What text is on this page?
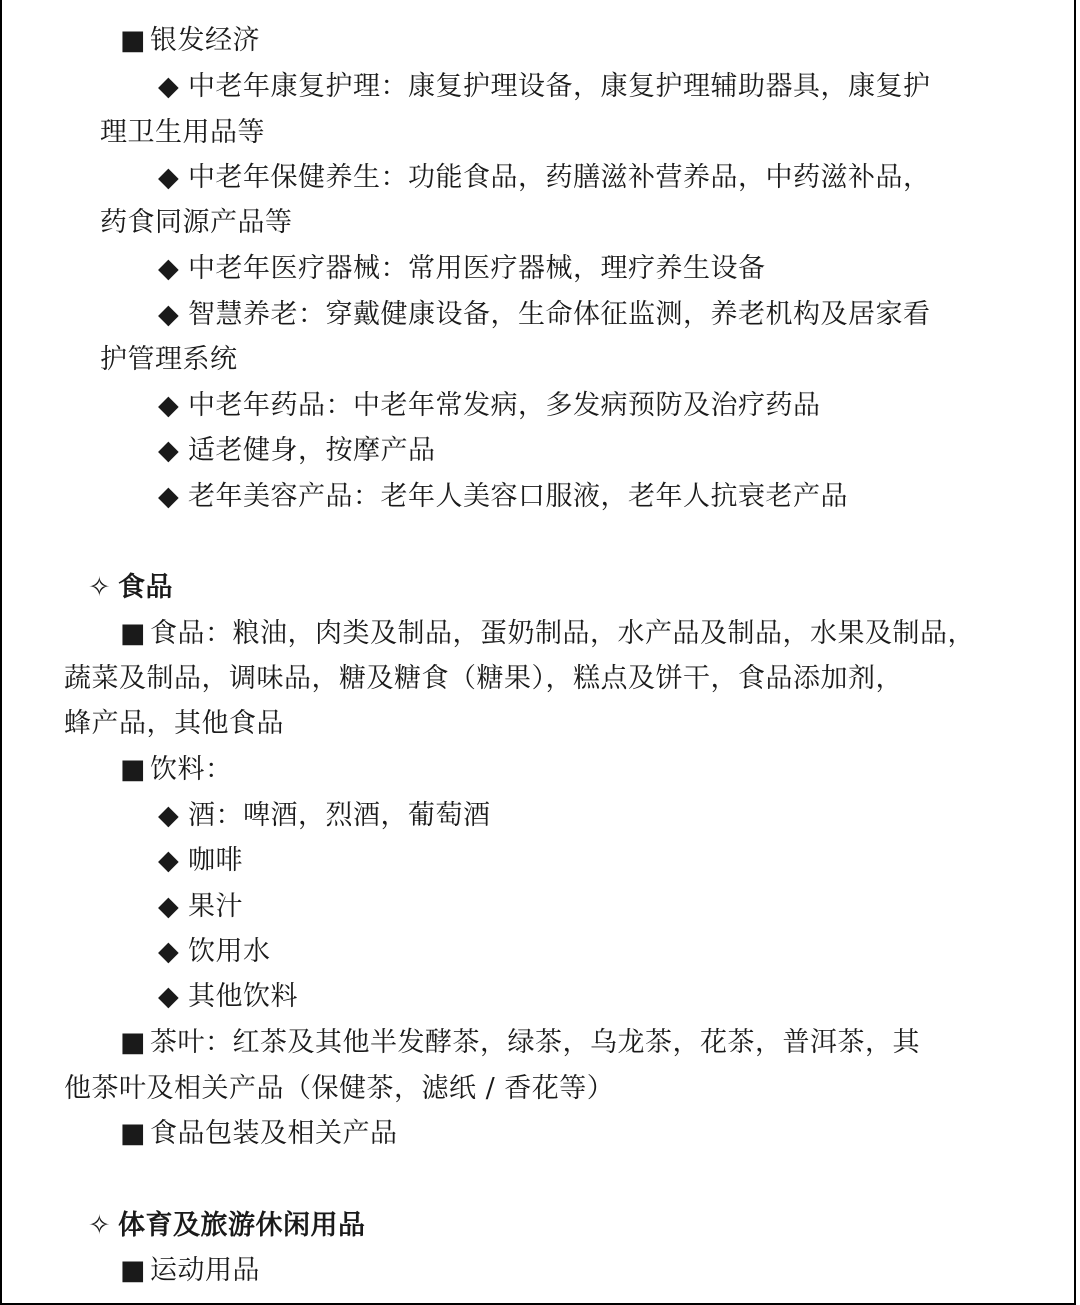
■ 银发经济
◆ 中老年康复护理：康复护理设备，康复护理辅助器具，康复护
理卫生用品等
◆ 中老年保健养生：功能食品，药膳滋补营养品，中药滋补品，
药食同源产品等
◆ 中老年医疗器械：常用医疗器械，理疗养生设备
◆ 智慧养老：穿戴健康设备，生命体征监测，养老机构及居家看
护管理系统
◆ 中老年药品：中老年常发病，多发病预防及治疗药品
◆ 适老健身，按摩产品
◆ 老年美容产品：老年人美容口服液，老年人抗衰老产品
✧ 食品
■ 食品：粮油，肉类及制品，蛋奶制品，水产品及制品，水果及制品，
蔬菜及制品，调味品，糖及糖食（糖果），糕点及饼干，食品添加剂，
蜂产品，其他食品
■ 饮料：
◆ 酒：啤酒，烈酒，葡萄酒
◆ 咖啡
◆ 果汁
◆ 饮用水
◆ 其他饮料
■ 茶叶：红茶及其他半发酵茶，绿茶，乌龙茶，花茶，普洱茶，其
他茶叶及相关产品（保健茶，滤纸 / 香花等）
■ 食品包装及相关产品
✧ 体育及旅游休闲用品
■ 运动用品
